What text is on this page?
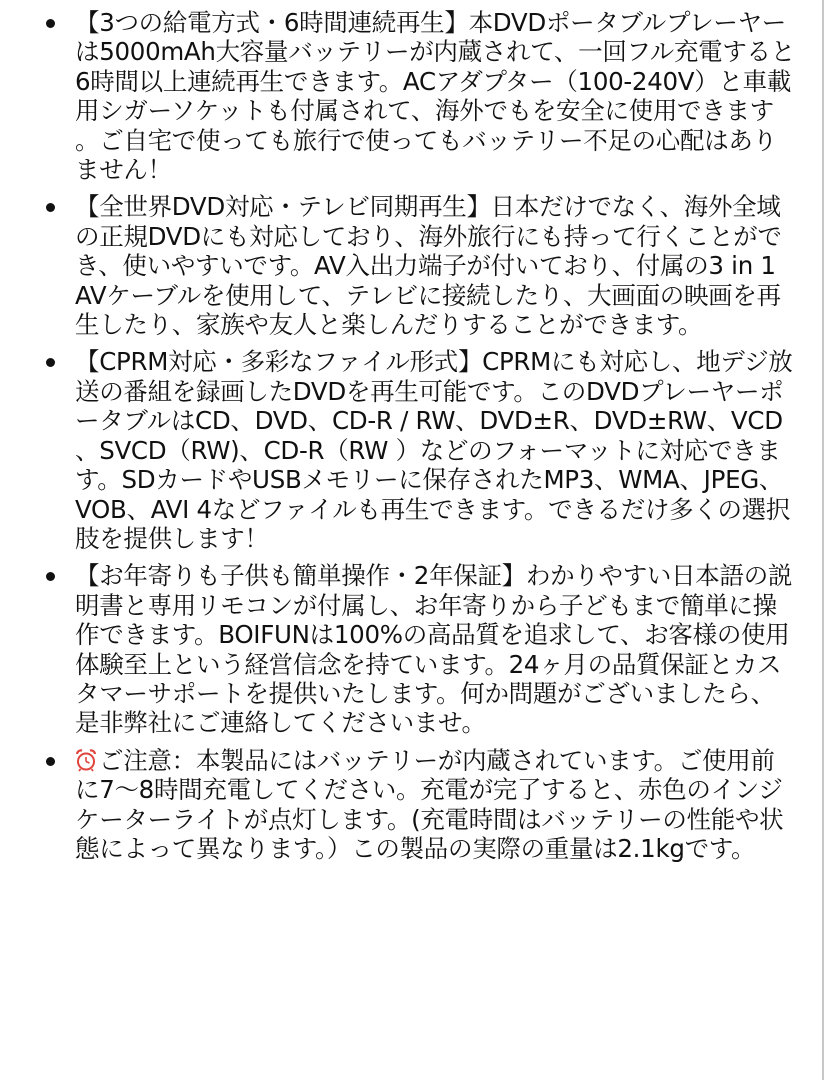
【3つの給電方式・6時間連続再生】本DVDポータブルプレーヤーは5000mAh大容量バッテリーが内蔵されて、一回フル充電すると6時間以上連続再生できます。ACアダプター（100-240V）と車載用シガーソケットも付属されて、海外でもを安全に使用できます。ご自宅で使っても旅行で使ってもバッテリー不足の心配はありません！
【全世界DVD対応・テレビ同期再生】日本だけでなく、海外全域の正規DVDにも対応しており、海外旅行にも持って行くことができ、使いやすいです。AV入出力端子が付いており、付属の3 in 1 AVケーブルを使用して、テレビに接続したり、大画面の映画を再生したり、家族や友人と楽しんだりすることができます。
【CPRM対応・多彩なファイル形式】CPRMにも対応し、地デジ放送の番組を録画したDVDを再生可能です。このDVDプレーヤーポータブルはCD、DVD、CD-R / RW、DVD±R、DVD±RW、VCD、SVCD（RW)、CD-R（RW ）などのフォーマットに対応できます。SDカードやUSBメモリーに保存されたMP3、WMA、JPEG、VOB、AVI 4などファイルも再生できます。できるだけ多くの選択肢を提供します！
【お年寄りも子供も簡単操作・2年保証】わかりやすい日本語の説明書と専用リモコンが付属し、お年寄りから子どもまで簡単に操作できます。BOIFUNは100%の高品質を追求して、お客様の使用体験至上という経営信念を持ています。24ヶ月の品質保証とカスタマーサポートを提供いたします。何か問題がございましたら、是非弊社にご連絡してくださいませ。
ご注意：本製品にはバッテリーが内蔵されています。ご使用前に7〜8時間充電してください。充電が完了すると、赤色のインジケーターライトが点灯します。(充電時間はバッテリーの性能や状態によって異なります。）この製品の実際の重量は2.1kgです。
